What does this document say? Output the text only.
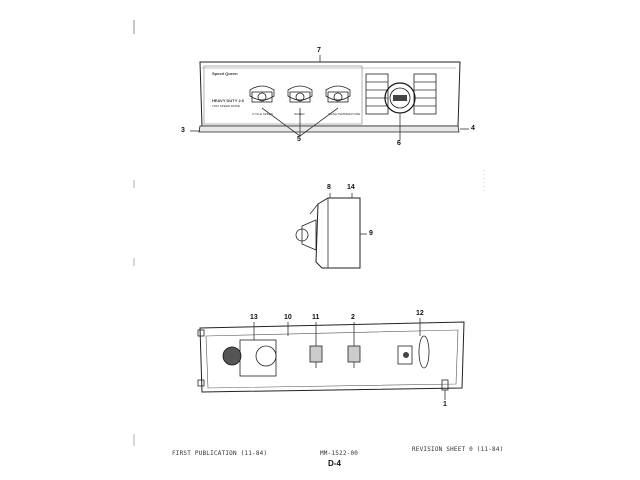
Speed Queen
HEAVY DUTY 2.0
TWO SPEED MODE
CYCLE SPEED	WATER	WASH TEMPERATURE
7
3	4
5
6
8 14
9
13	10	11	2
12
1
FIRST PUBLICATION (11-84)	MM-1522-00
REVISION SHEET 0 (11-84)
D-4
